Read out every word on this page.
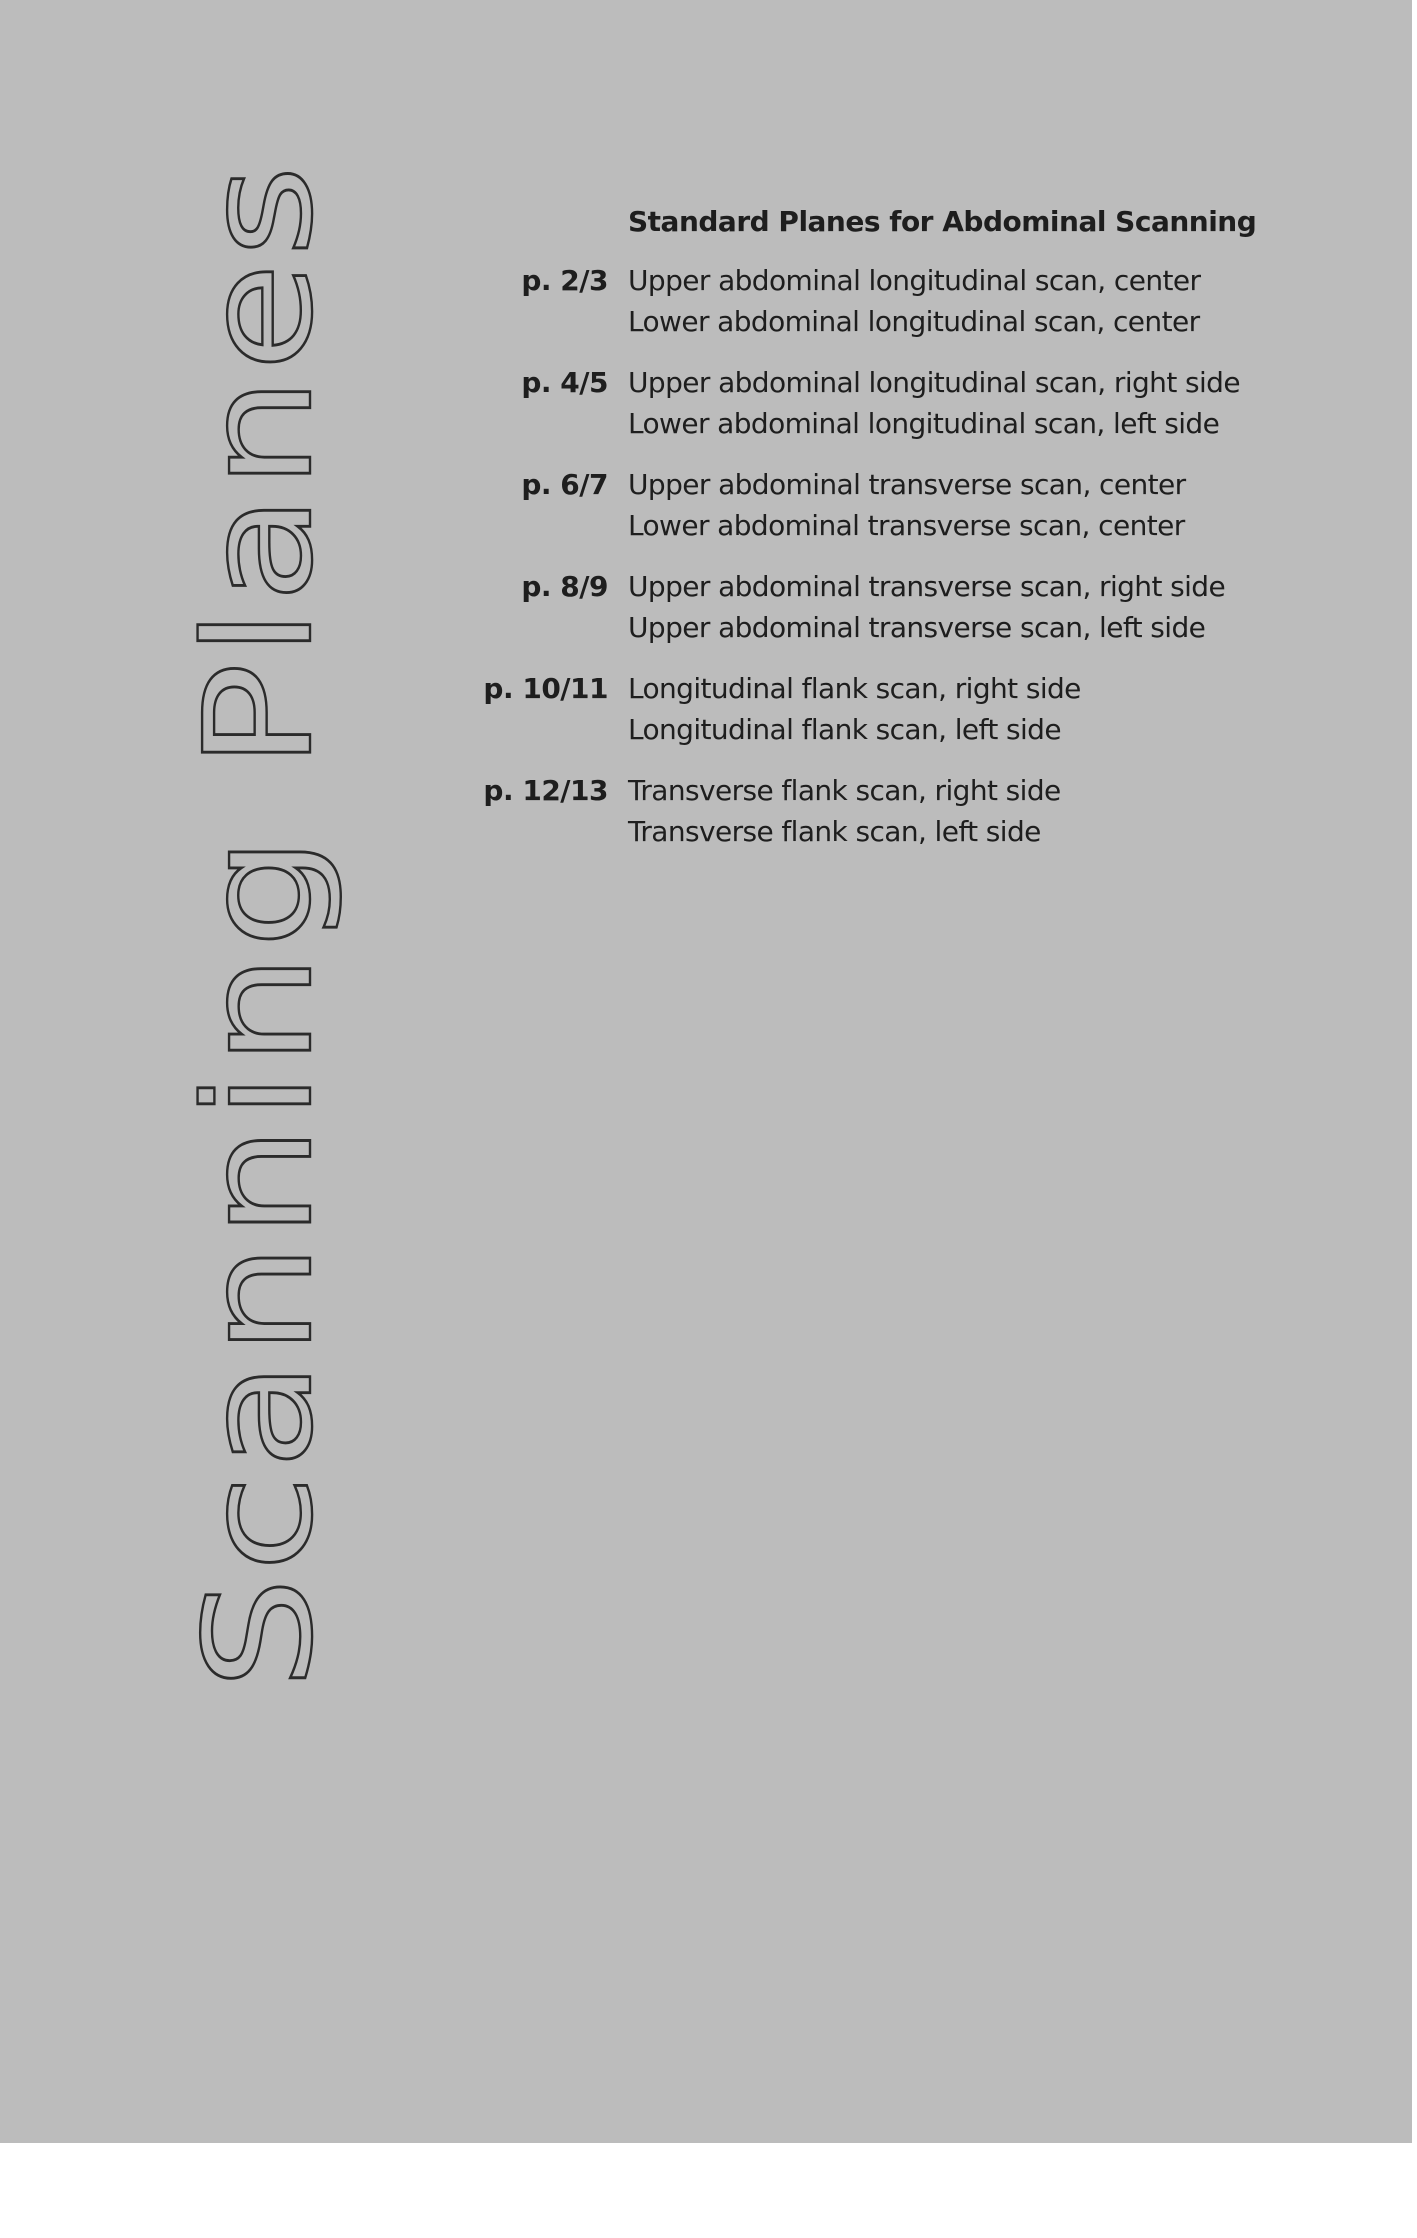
Scanning Planes
Standard Planes for Abdominal Scanning
p. 2/3 Upper abdominal longitudinal scan, center
Lower abdominal longitudinal scan, center
p. 4/5 Upper abdominal longitudinal scan, right side
Lower abdominal longitudinal scan, left side
p. 6/7 Upper abdominal transverse scan, center
Lower abdominal transverse scan, center
p. 8/9 Upper abdominal transverse scan, right side
Upper abdominal transverse scan, left side
p. 10/11 Longitudinal flank scan, right side
Longitudinal flank scan, left side
p. 12/13 Transverse flank scan, right side
Transverse flank scan, left side
